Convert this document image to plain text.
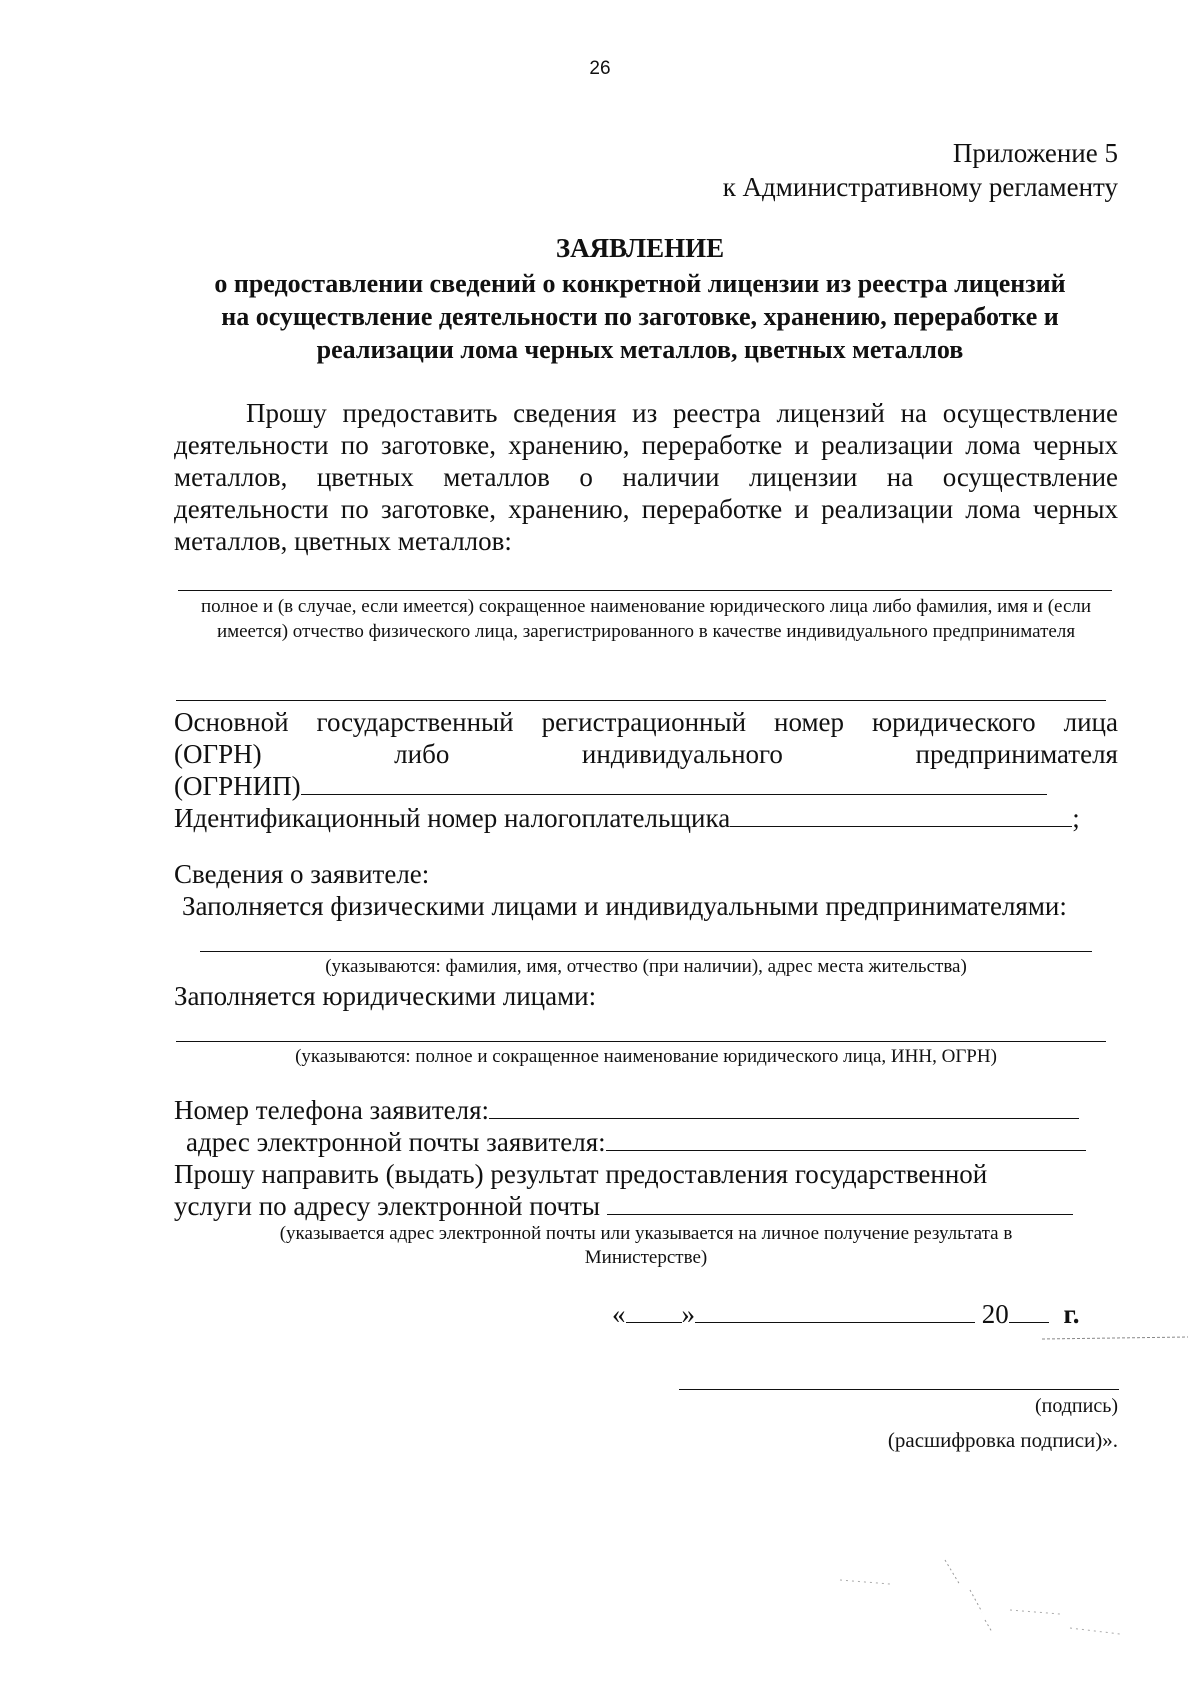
26
Приложение 5
к Административному регламенту
ЗАЯВЛЕНИЕ
о предоставлении сведений о конкретной лицензии из реестра лицензий
на осуществление деятельности по заготовке, хранению, переработке и
реализации лома черных металлов, цветных металлов
Прошу предоставить сведения из реестра лицензий на осуществление деятельности по заготовке, хранению, переработке и реализации лома черных металлов, цветных металлов о наличии лицензии на осуществление деятельности по заготовке, хранению, переработке и реализации лома черных металлов, цветных металлов:
полное и (в случае, если имеется) сокращенное наименование юридического лица либо фамилия, имя и (если имеется) отчество физического лица, зарегистрированного в качестве индивидуального предпринимателя
Основной государственный регистрационный номер юридического лица
(ОГРН)	либо	индивидуального	предпринимателя
(ОГРНИП)
Идентификационный номер налогоплательщика	;
Сведения о заявителе:
Заполняется физическими лицами и индивидуальными предпринимателями:
(указываются: фамилия, имя, отчество (при наличии), адрес места жительства)
Заполняется юридическими лицами:
(указываются: полное и сокращенное наименование юридического лица, ИНН, ОГРН)
Номер телефона заявителя:
адрес электронной почты заявителя:
Прошу направить (выдать) результат предоставления государственной
услуги по адресу электронной почты
(указывается адрес электронной почты или указывается на личное получение результата в
Министерстве)
« »	20 г.
(подпись)
(расшифровка подписи)».
